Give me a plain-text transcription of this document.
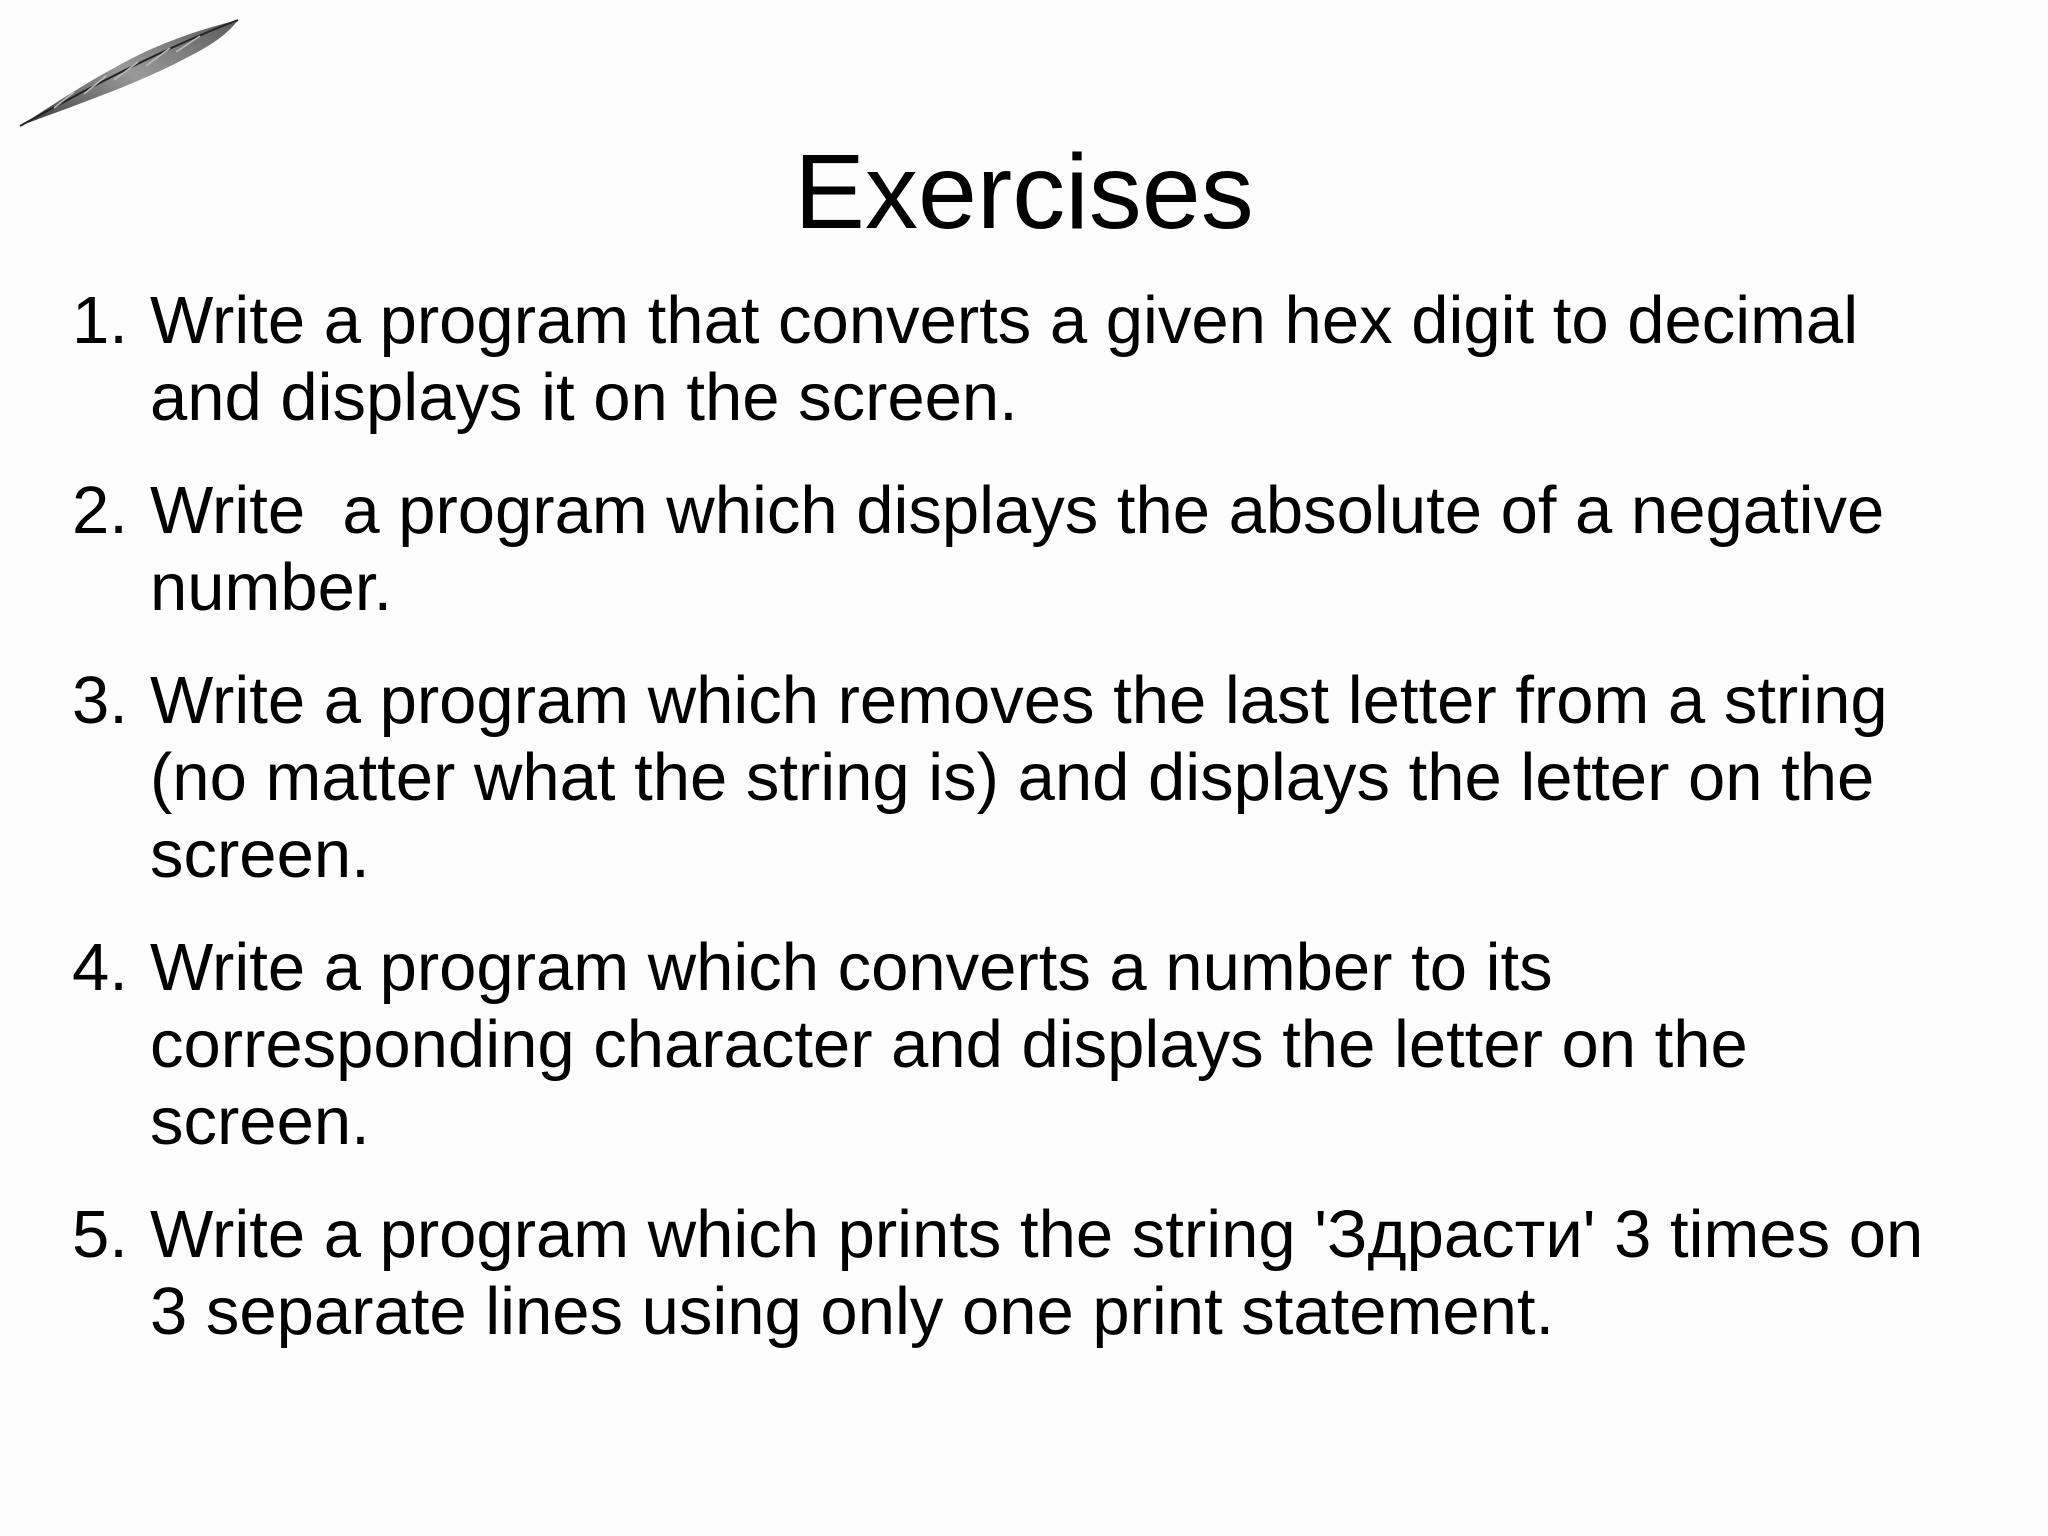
Exercises
1. Write a program that converts a given hex digit to decimal
and displays it on the screen.
2. Write  a program which displays the absolute of a negative
number.
3. Write a program which removes the last letter from a string
(no matter what the string is) and displays the letter on the
screen.
4. Write a program which converts a number to its
corresponding character and displays the letter on the
screen.
5. Write a program which prints the string 'Здрасти' 3 times on
3 separate lines using only one print statement.
